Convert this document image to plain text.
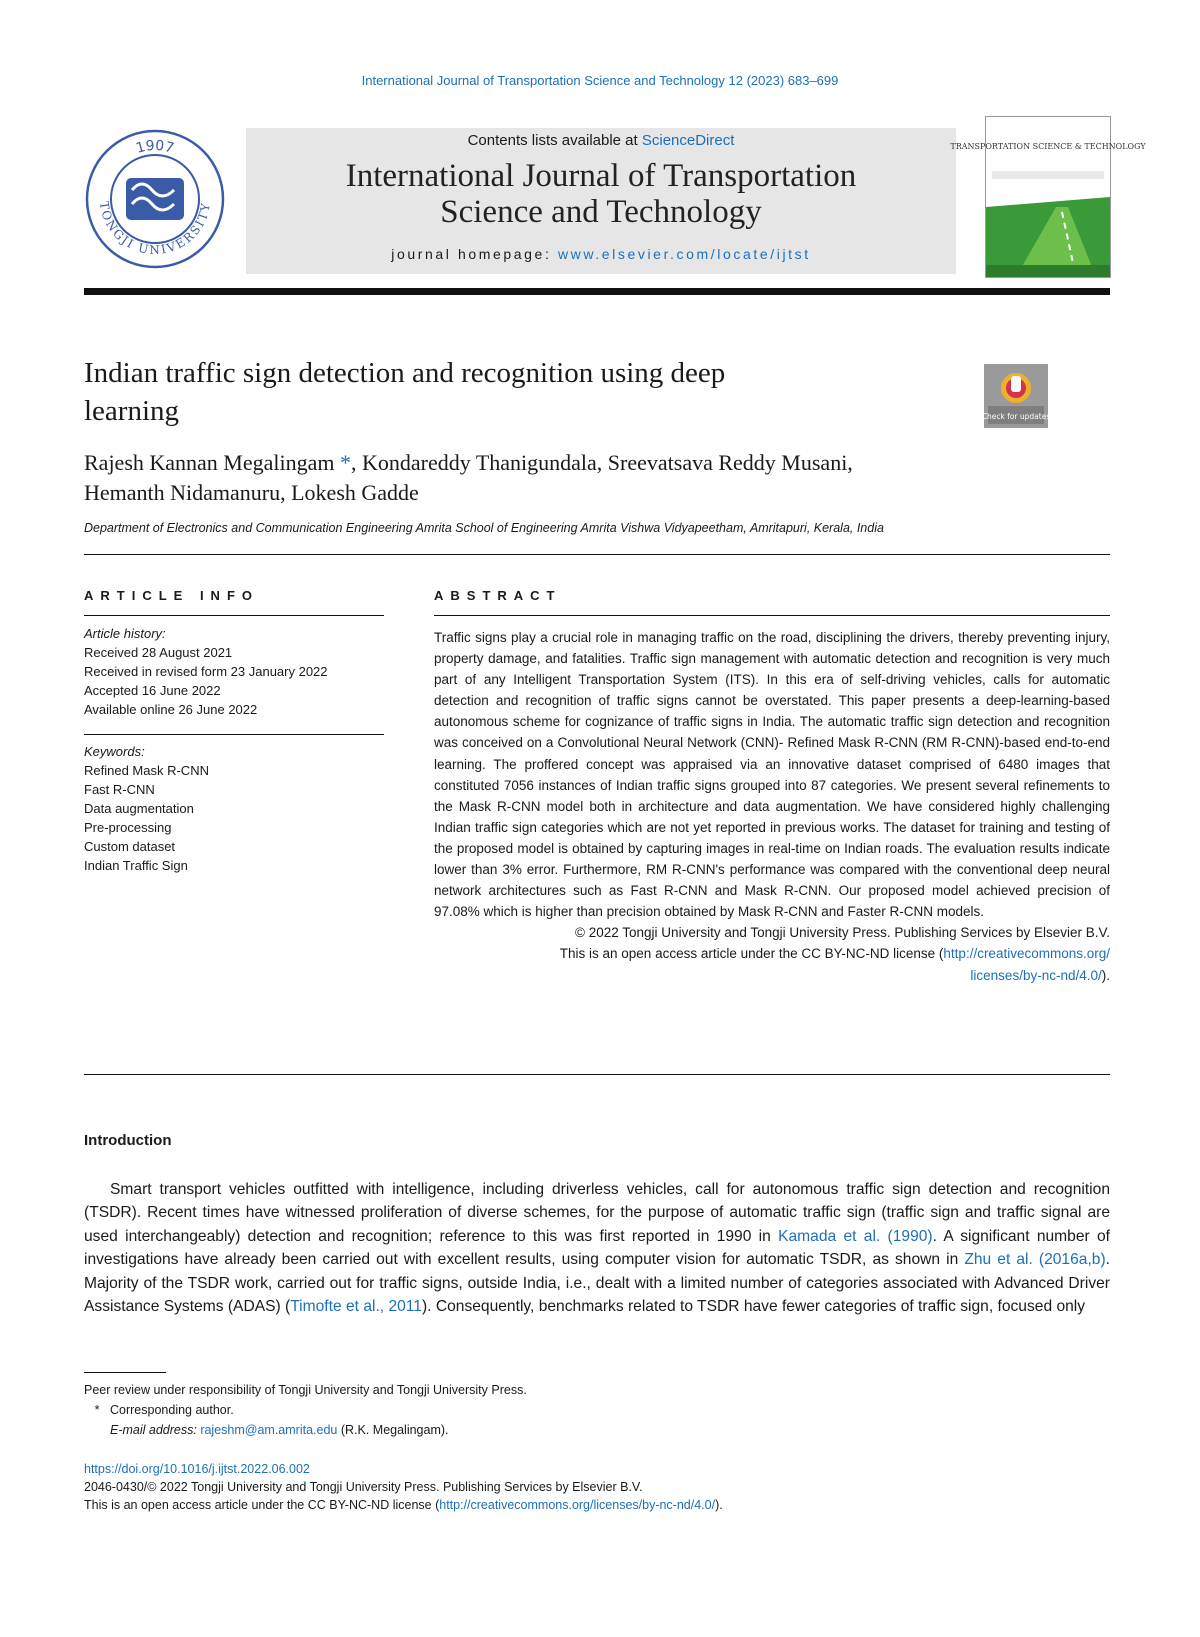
International Journal of Transportation Science and Technology 12 (2023) 683–699
1907
TONGJI UNIVERSITY
Contents lists available at ScienceDirect
International Journal of Transportation
Science and Technology
journal homepage: www.elsevier.com/locate/ijtst
TRANSPORTATION SCIENCE & TECHNOLOGY
Indian traffic sign detection and recognition using deep
learning	Check for updates
Rajesh Kannan Megalingam *, Kondareddy Thanigundala, Sreevatsava Reddy Musani,
Hemanth Nidamanuru, Lokesh Gadde
Department of Electronics and Communication Engineering Amrita School of Engineering Amrita Vishwa Vidyapeetham, Amritapuri, Kerala, India
ARTICLE INFO	ABSTRACT
Article history:
Received 28 August 2021
Received in revised form 23 January 2022
Accepted 16 June 2022
Available online 26 June 2022
Keywords:
Refined Mask R-CNN
Fast R-CNN
Data augmentation
Pre-processing
Custom dataset
Indian Traffic Sign
Traffic signs play a crucial role in managing traffic on the road, disciplining the drivers, thereby preventing injury, property damage, and fatalities. Traffic sign management with automatic detection and recognition is very much part of any Intelligent Transportation System (ITS). In this era of self-driving vehicles, calls for automatic detection and recognition of traffic signs cannot be overstated. This paper presents a deep-learning-based autonomous scheme for cognizance of traffic signs in India. The automatic traffic sign detection and recognition was conceived on a Convolutional Neural Network (CNN)- Refined Mask R-CNN (RM R-CNN)-based end-to-end learning. The proffered concept was appraised via an innovative dataset comprised of 6480 images that constituted 7056 instances of Indian traffic signs grouped into 87 categories. We present several refinements to the Mask R-CNN model both in architecture and data augmentation. We have considered highly challenging Indian traffic sign categories which are not yet reported in previous works. The dataset for training and testing of the proposed model is obtained by capturing images in real-time on Indian roads. The evaluation results indicate lower than 3% error. Furthermore, RM R-CNN's performance was compared with the conventional deep neural network architectures such as Fast R-CNN and Mask R-CNN. Our proposed model achieved precision of 97.08% which is higher than precision obtained by Mask R-CNN and Faster R-CNN models.
© 2022 Tongji University and Tongji University Press. Publishing Services by Elsevier B.V.
This is an open access article under the CC BY-NC-ND license (http://creativecommons.org/
licenses/by-nc-nd/4.0/).
Introduction
Smart transport vehicles outfitted with intelligence, including driverless vehicles, call for autonomous traffic sign detection and recognition (TSDR). Recent times have witnessed proliferation of diverse schemes, for the purpose of automatic traffic sign (traffic sign and traffic signal are used interchangeably) detection and recognition; reference to this was first reported in 1990 in Kamada et al. (1990). A significant number of investigations have already been carried out with excellent results, using computer vision for automatic TSDR, as shown in Zhu et al. (2016a,b). Majority of the TSDR work, carried out for traffic signs, outside India, i.e., dealt with a limited number of categories associated with Advanced Driver Assistance Systems (ADAS) (Timofte et al., 2011). Consequently, benchmarks related to TSDR have fewer categories of traffic sign, focused only
Peer review under responsibility of Tongji University and Tongji University Press.
* Corresponding author.
E-mail address: rajeshm@am.amrita.edu (R.K. Megalingam).
https://doi.org/10.1016/j.ijtst.2022.06.002
2046-0430/© 2022 Tongji University and Tongji University Press. Publishing Services by Elsevier B.V.
This is an open access article under the CC BY-NC-ND license (http://creativecommons.org/licenses/by-nc-nd/4.0/).
